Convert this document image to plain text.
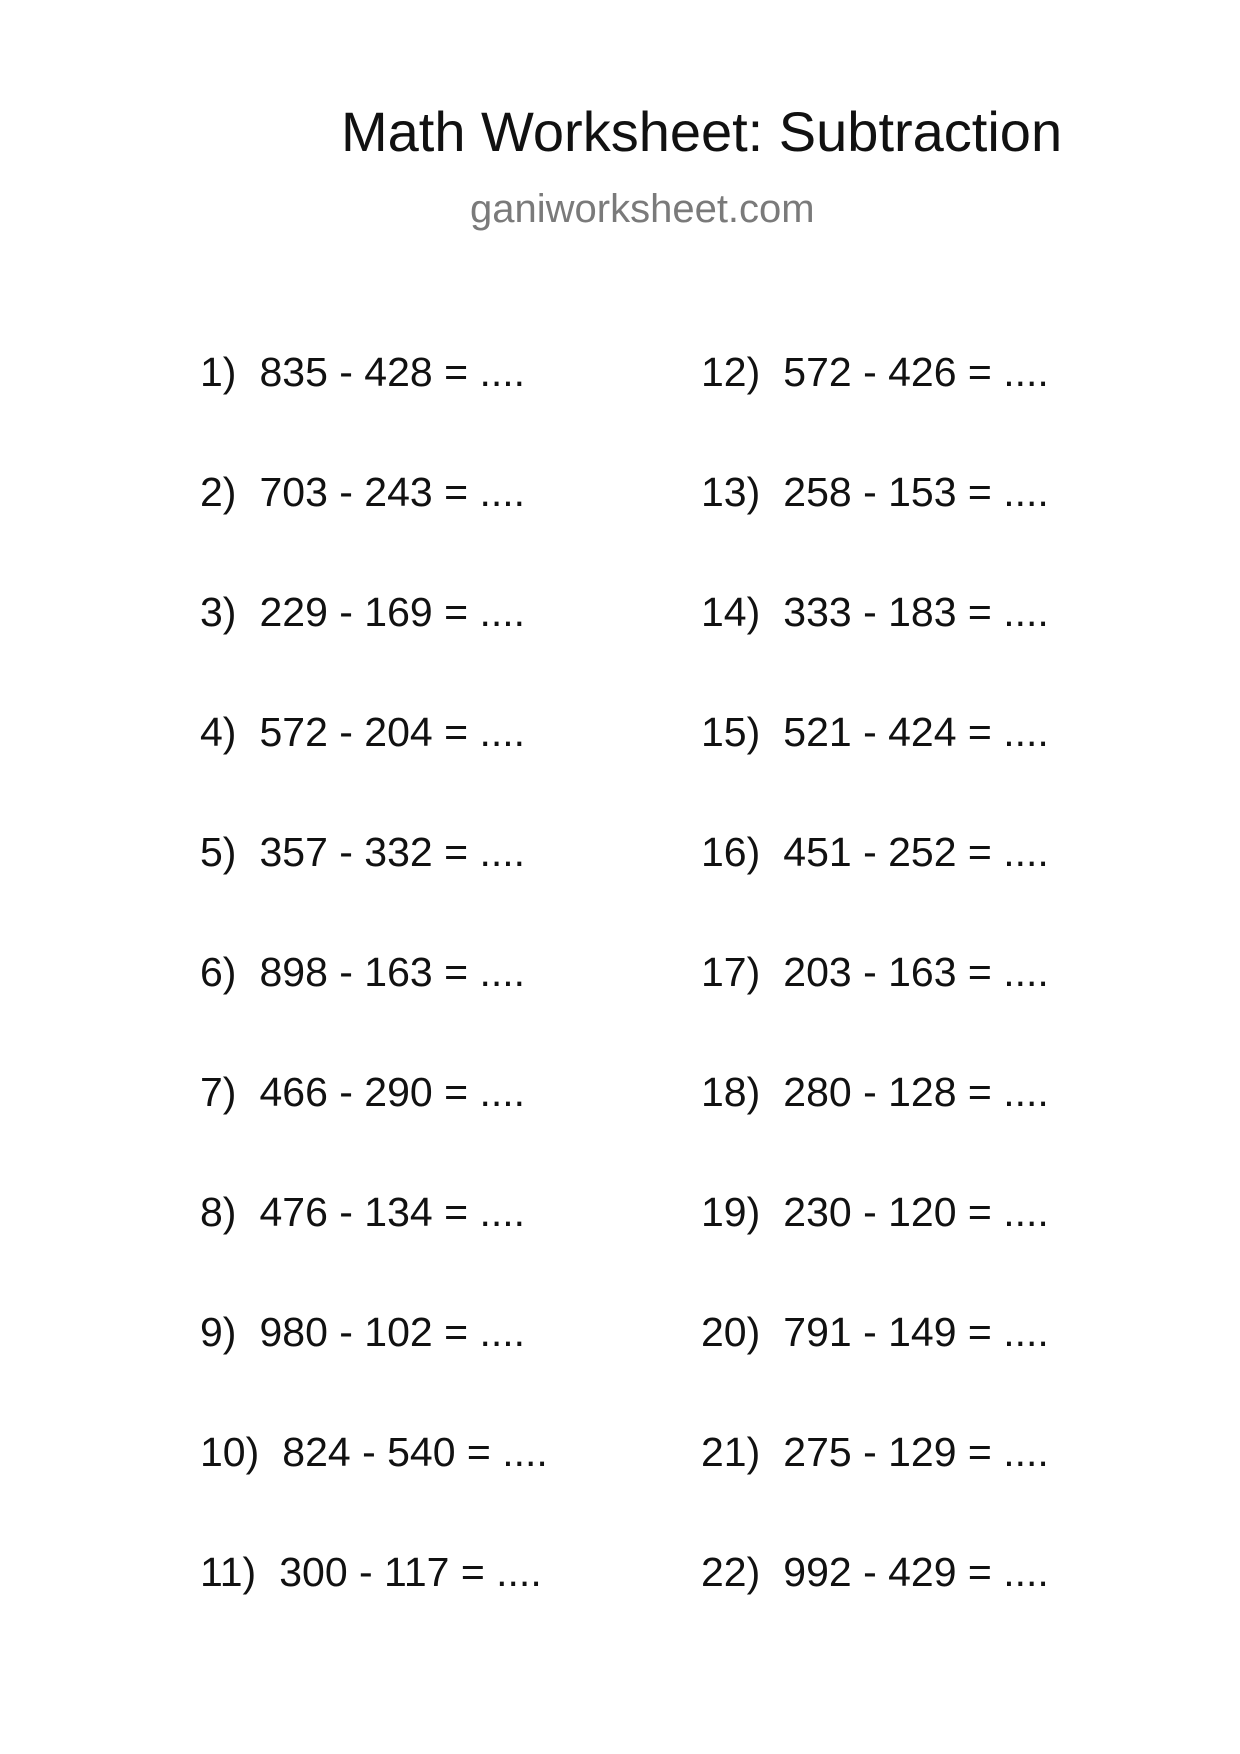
Math Worksheet: Subtraction
ganiworksheet.com
1) 835 - 428 = ....
2) 703 - 243 = ....
3) 229 - 169 = ....
4) 572 - 204 = ....
5) 357 - 332 = ....
6) 898 - 163 = ....
7) 466 - 290 = ....
8) 476 - 134 = ....
9) 980 - 102 = ....
10) 824 - 540 = ....
11) 300 - 117 = ....
12) 572 - 426 = ....
13) 258 - 153 = ....
14) 333 - 183 = ....
15) 521 - 424 = ....
16) 451 - 252 = ....
17) 203 - 163 = ....
18) 280 - 128 = ....
19) 230 - 120 = ....
20) 791 - 149 = ....
21) 275 - 129 = ....
22) 992 - 429 = ....
